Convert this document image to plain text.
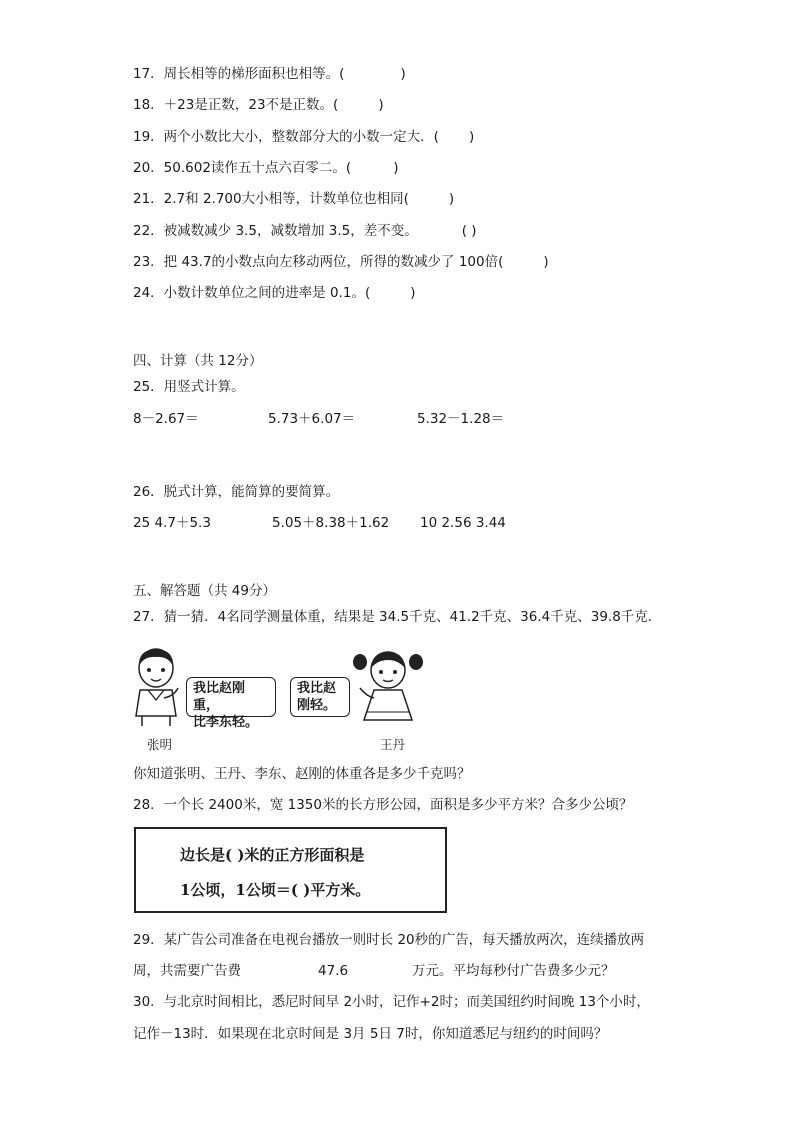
17．周长相等的梯形面积也相等。(	)
18．＋23是正数，23不是正数。(	)
19．两个小数比大小，整数部分大的小数一定大．( )
20．50.602读作五十点六百零二。(	)
21．2.7和 2.700大小相等，计数单位也相同(	)
22．被减数减少 3.5，减数增加 3.5，差不变。	( )
23．把 43.7的小数点向左移动两位，所得的数减少了 100倍(	)
24．小数计数单位之间的进率是 0.1。(	)
四、计算（共 12分）
25．用竖式计算。
8－2.67＝	5.73＋6.07＝	5.32－1.28＝
26．脱式计算，能简算的要简算。
25 4.7＋5.3	5.05＋8.38＋1.62 10 2.56 3.44
五、解答题（共 49分）
27．猜一猜．4名同学测量体重，结果是 34.5千克、41.2千克、36.4千克、39.8千克．
我比赵刚重，
比李东轻。
张明
我比赵
刚轻。
王丹
你知道张明、王丹、李东、赵刚的体重各是多少千克吗？
28．一个长 2400米，宽 1350米的长方形公园，面积是多少平方米？合多少公顷？
边长是( )米的正方形面积是
1公顷，1公顷＝( )平方米。
29．某广告公司准备在电视台播放一则时长 20秒的广告，每天播放两次，连续播放两
周，共需要广告费	47.6	万元。平均每秒付广告费多少元？
30．与北京时间相比，悉尼时间早 2小时，记作+2时；而美国纽约时间晚 13个小时，
记作－13时．如果现在北京时间是 3月 5日 7时，你知道悉尼与纽约的时间吗？
